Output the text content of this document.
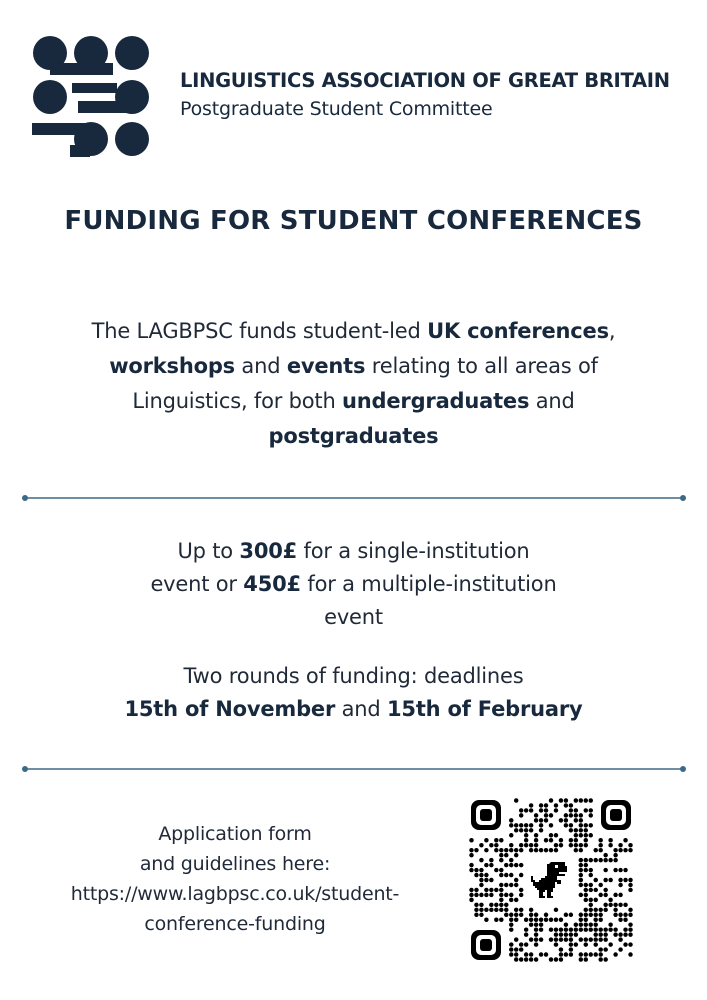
LINGUISTICS ASSOCIATION OF GREAT BRITAIN
Postgraduate Student Committee
FUNDING FOR STUDENT CONFERENCES
The LAGBPSC funds student-led UK conferences,
workshops and events relating to all areas of
Linguistics, for both undergraduates and
postgraduates
Up to 300£ for a single-institution
event or 450£ for a multiple-institution
event
Two rounds of funding: deadlines
15th of November and 15th of February
Application form
and guidelines here:
https://www.lagbpsc.co.uk/student-
conference-funding
